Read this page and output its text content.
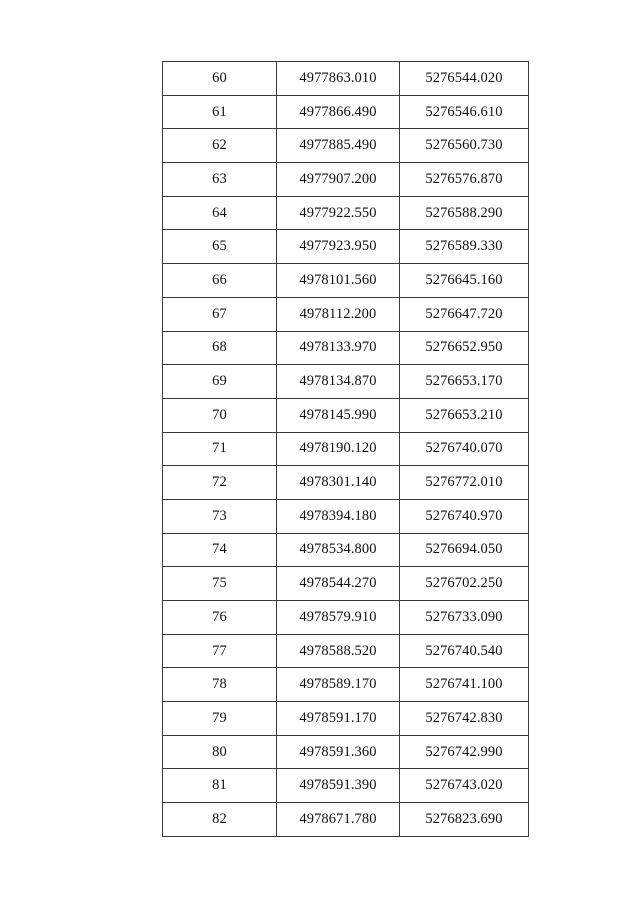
60	4977863.010	5276544.020
61	4977866.490	5276546.610
62	4977885.490	5276560.730
63	4977907.200	5276576.870
64	4977922.550	5276588.290
65	4977923.950	5276589.330
66	4978101.560	5276645.160
67	4978112.200	5276647.720
68	4978133.970	5276652.950
69	4978134.870	5276653.170
70	4978145.990	5276653.210
71	4978190.120	5276740.070
72	4978301.140	5276772.010
73	4978394.180	5276740.970
74	4978534.800	5276694.050
75	4978544.270	5276702.250
76	4978579.910	5276733.090
77	4978588.520	5276740.540
78	4978589.170	5276741.100
79	4978591.170	5276742.830
80	4978591.360	5276742.990
81	4978591.390	5276743.020
82	4978671.780	5276823.690
